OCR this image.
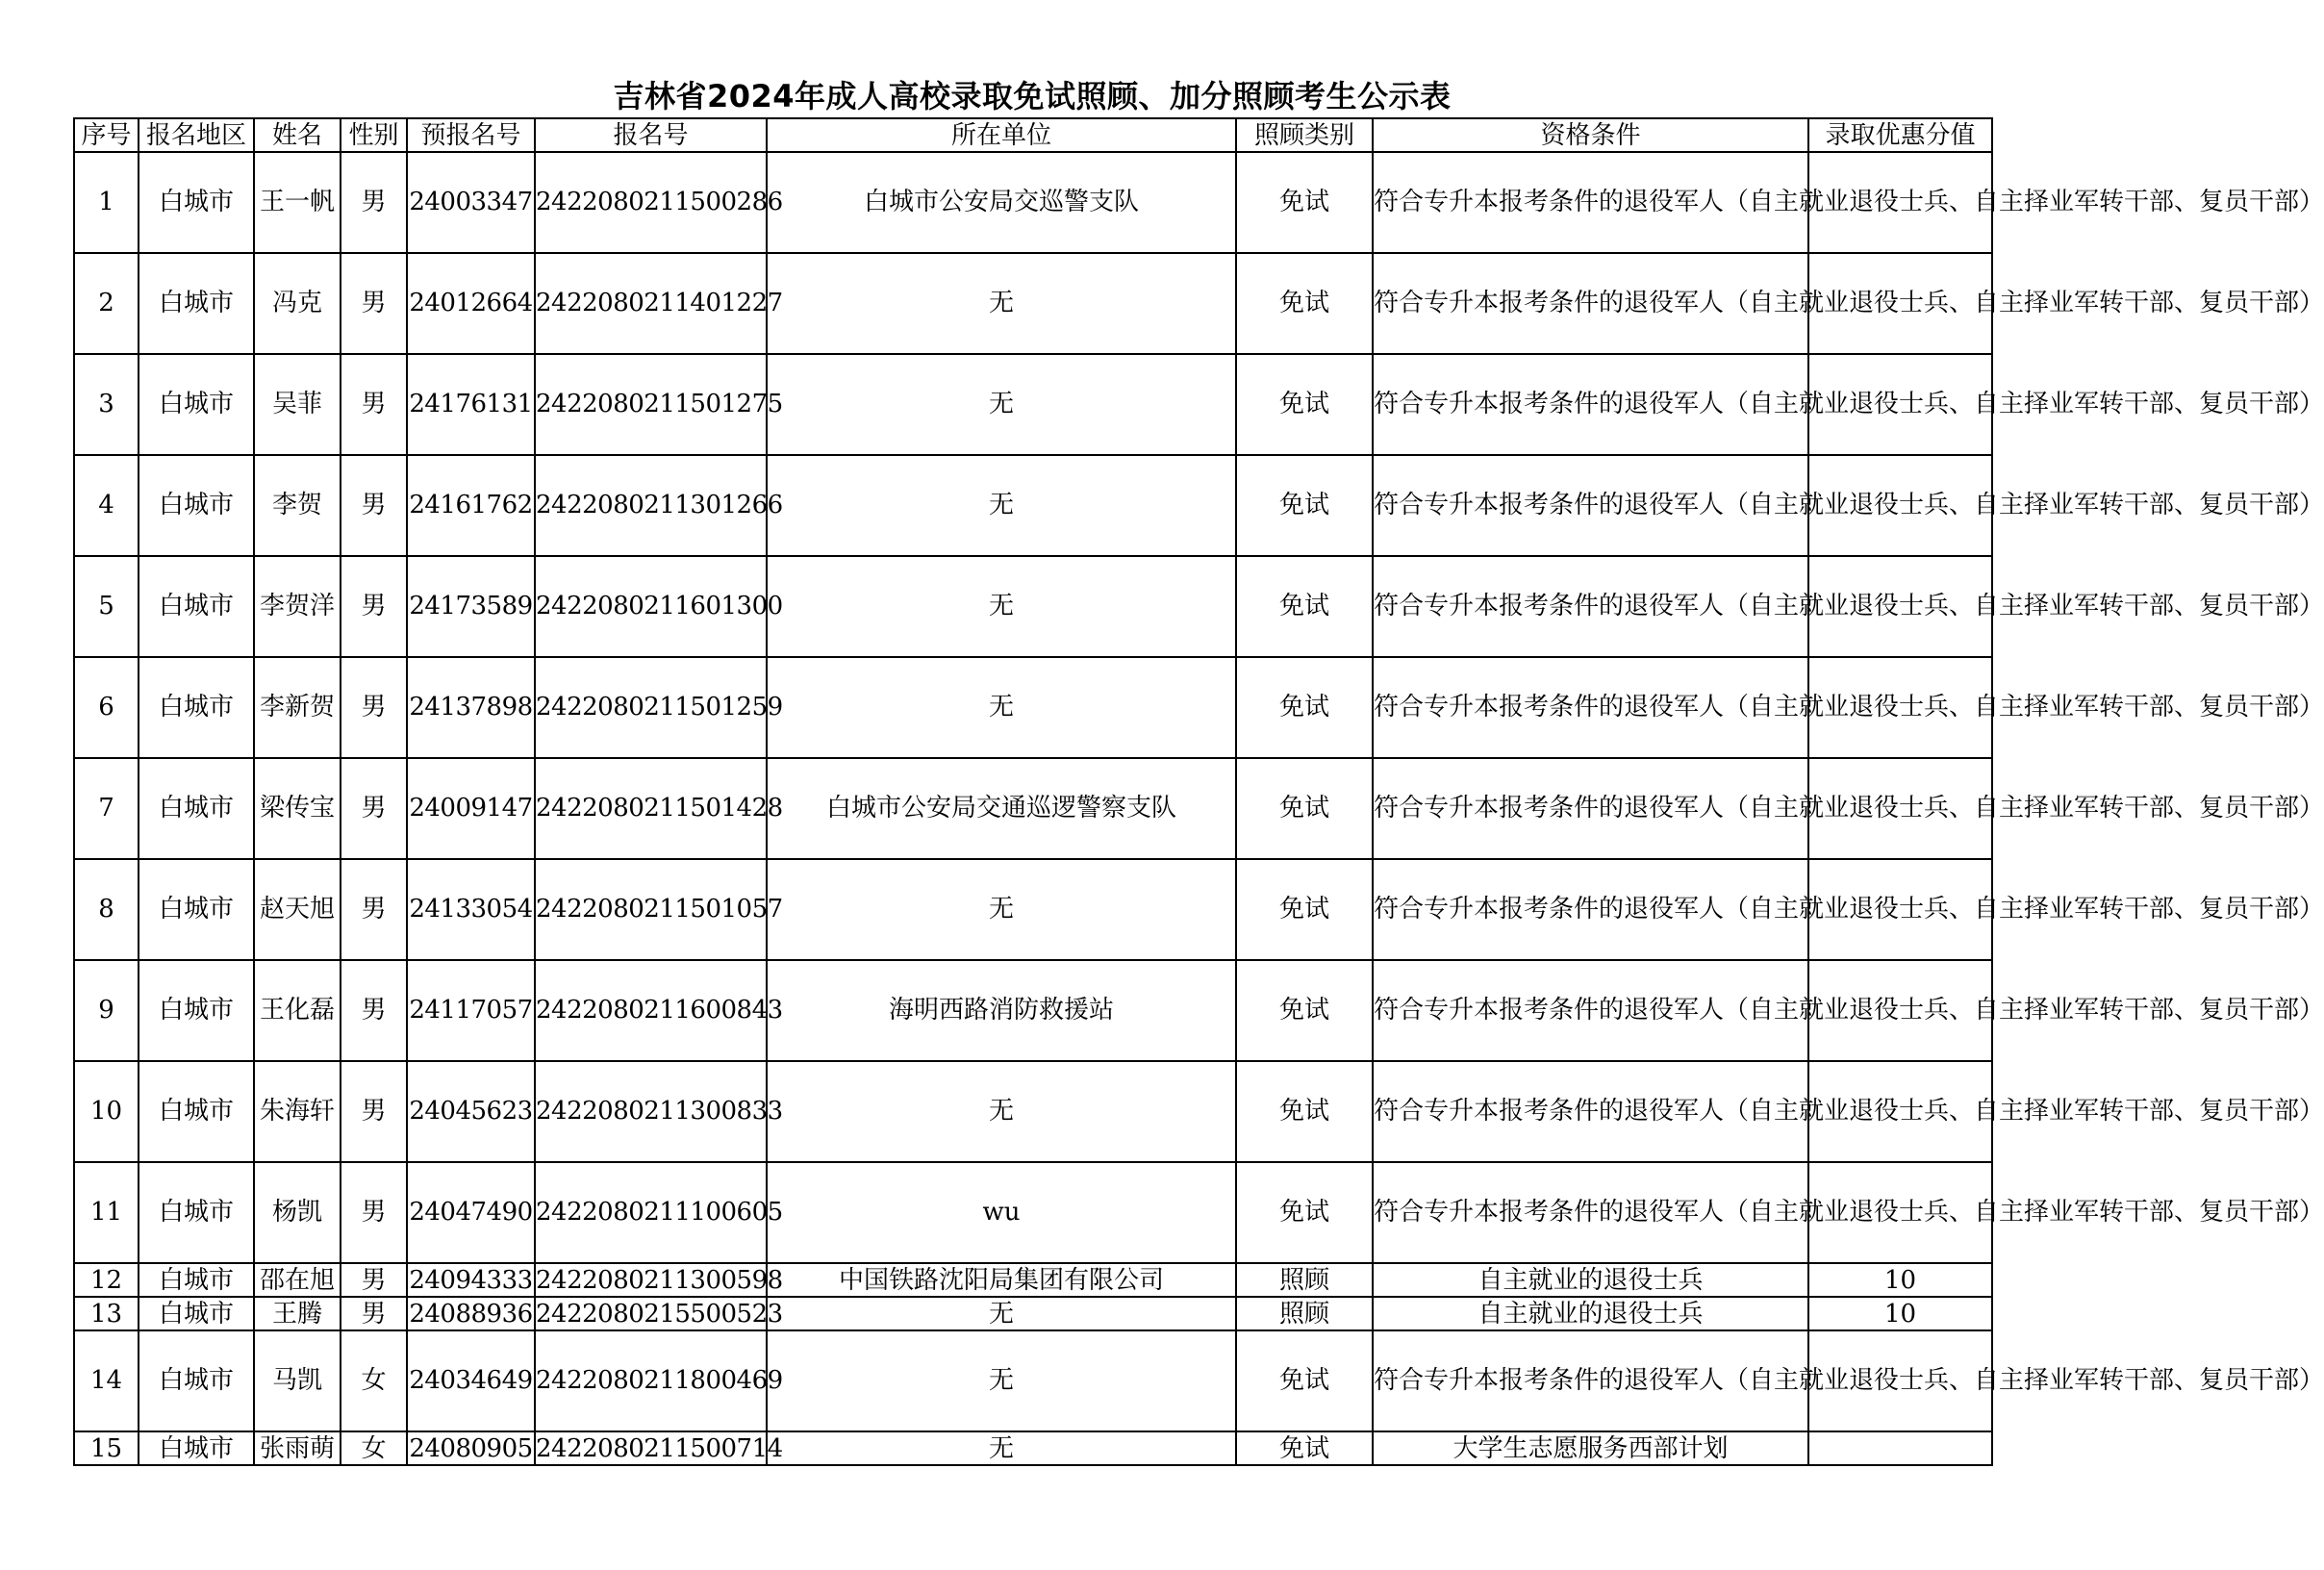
吉林省2024年成人高校录取免试照顾、加分照顾考生公示表
序号	报名地区	姓名	性别	预报名号	报名号	所在单位	照顾类别	资格条件	录取优惠分值
1	白城市	王一帆	男	24003347	2422080211500286	白城市公安局交巡警支队	免试	符合专升本报考条件的退役军人（自主就业退役士兵、自主择业军转干部、复员干部）	
2	白城市	冯克	男	24012664	2422080211401227	无	免试	符合专升本报考条件的退役军人（自主就业退役士兵、自主择业军转干部、复员干部）	
3	白城市	吴菲	男	24176131	2422080211501275	无	免试	符合专升本报考条件的退役军人（自主就业退役士兵、自主择业军转干部、复员干部）	
4	白城市	李贺	男	24161762	2422080211301266	无	免试	符合专升本报考条件的退役军人（自主就业退役士兵、自主择业军转干部、复员干部）	
5	白城市	李贺洋	男	24173589	2422080211601300	无	免试	符合专升本报考条件的退役军人（自主就业退役士兵、自主择业军转干部、复员干部）	
6	白城市	李新贺	男	24137898	2422080211501259	无	免试	符合专升本报考条件的退役军人（自主就业退役士兵、自主择业军转干部、复员干部）	
7	白城市	梁传宝	男	24009147	2422080211501428	白城市公安局交通巡逻警察支队	免试	符合专升本报考条件的退役军人（自主就业退役士兵、自主择业军转干部、复员干部）	
8	白城市	赵天旭	男	24133054	2422080211501057	无	免试	符合专升本报考条件的退役军人（自主就业退役士兵、自主择业军转干部、复员干部）	
9	白城市	王化磊	男	24117057	2422080211600843	海明西路消防救援站	免试	符合专升本报考条件的退役军人（自主就业退役士兵、自主择业军转干部、复员干部）	
10	白城市	朱海轩	男	24045623	2422080211300833	无	免试	符合专升本报考条件的退役军人（自主就业退役士兵、自主择业军转干部、复员干部）	
11	白城市	杨凯	男	24047490	2422080211100605	wu	免试	符合专升本报考条件的退役军人（自主就业退役士兵、自主择业军转干部、复员干部）	
12	白城市	邵在旭	男	24094333	2422080211300598	中国铁路沈阳局集团有限公司	照顾	自主就业的退役士兵	10
13	白城市	王腾	男	24088936	2422080215500523	无	照顾	自主就业的退役士兵	10
14	白城市	马凯	女	24034649	2422080211800469	无	免试	符合专升本报考条件的退役军人（自主就业退役士兵、自主择业军转干部、复员干部）	
15	白城市	张雨萌	女	24080905	2422080211500714	无	免试	大学生志愿服务西部计划	
